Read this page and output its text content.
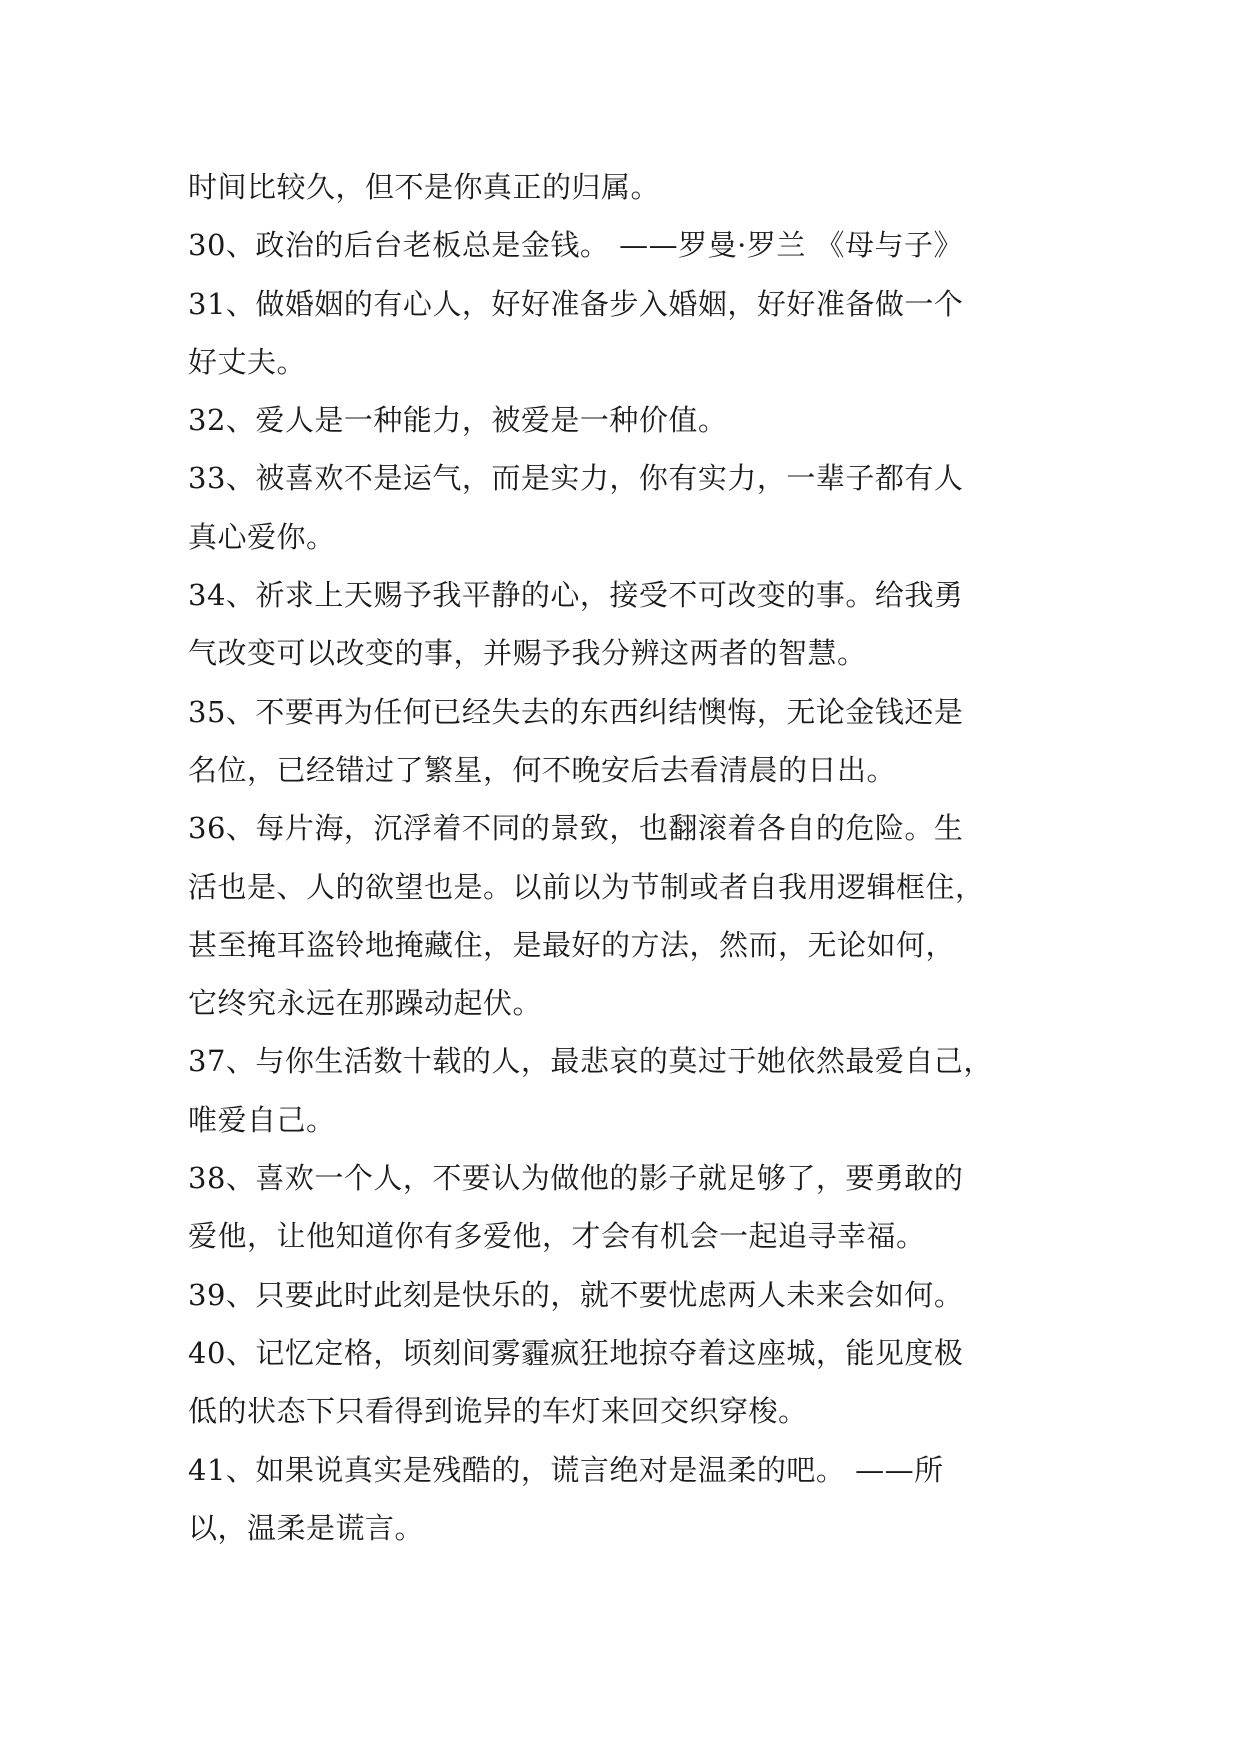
时间比较久，但不是你真正的归属。
30、政治的后台老板总是金钱。 ——罗曼·罗兰 《母与子》
31、做婚姻的有心人，好好准备步入婚姻，好好准备做一个
好丈夫。
32、爱人是一种能力，被爱是一种价值。
33、被喜欢不是运气，而是实力，你有实力，一辈子都有人
真心爱你。
34、祈求上天赐予我平静的心，接受不可改变的事。给我勇
气改变可以改变的事，并赐予我分辨这两者的智慧。
35、不要再为任何已经失去的东西纠结懊悔，无论金钱还是
名位，已经错过了繁星，何不晚安后去看清晨的日出。
36、每片海，沉浮着不同的景致，也翻滚着各自的危险。生
活也是、人的欲望也是。以前以为节制或者自我用逻辑框住，
甚至掩耳盗铃地掩藏住，是最好的方法，然而，无论如何，
它终究永远在那躁动起伏。
37、与你生活数十载的人，最悲哀的莫过于她依然最爱自己，
唯爱自己。
38、喜欢一个人，不要认为做他的影子就足够了，要勇敢的
爱他，让他知道你有多爱他，才会有机会一起追寻幸福。
39、只要此时此刻是快乐的，就不要忧虑两人未来会如何。
40、记忆定格，顷刻间雾霾疯狂地掠夺着这座城，能见度极
低的状态下只看得到诡异的车灯来回交织穿梭。
41、如果说真实是残酷的，谎言绝对是温柔的吧。 ——所
以，温柔是谎言。
